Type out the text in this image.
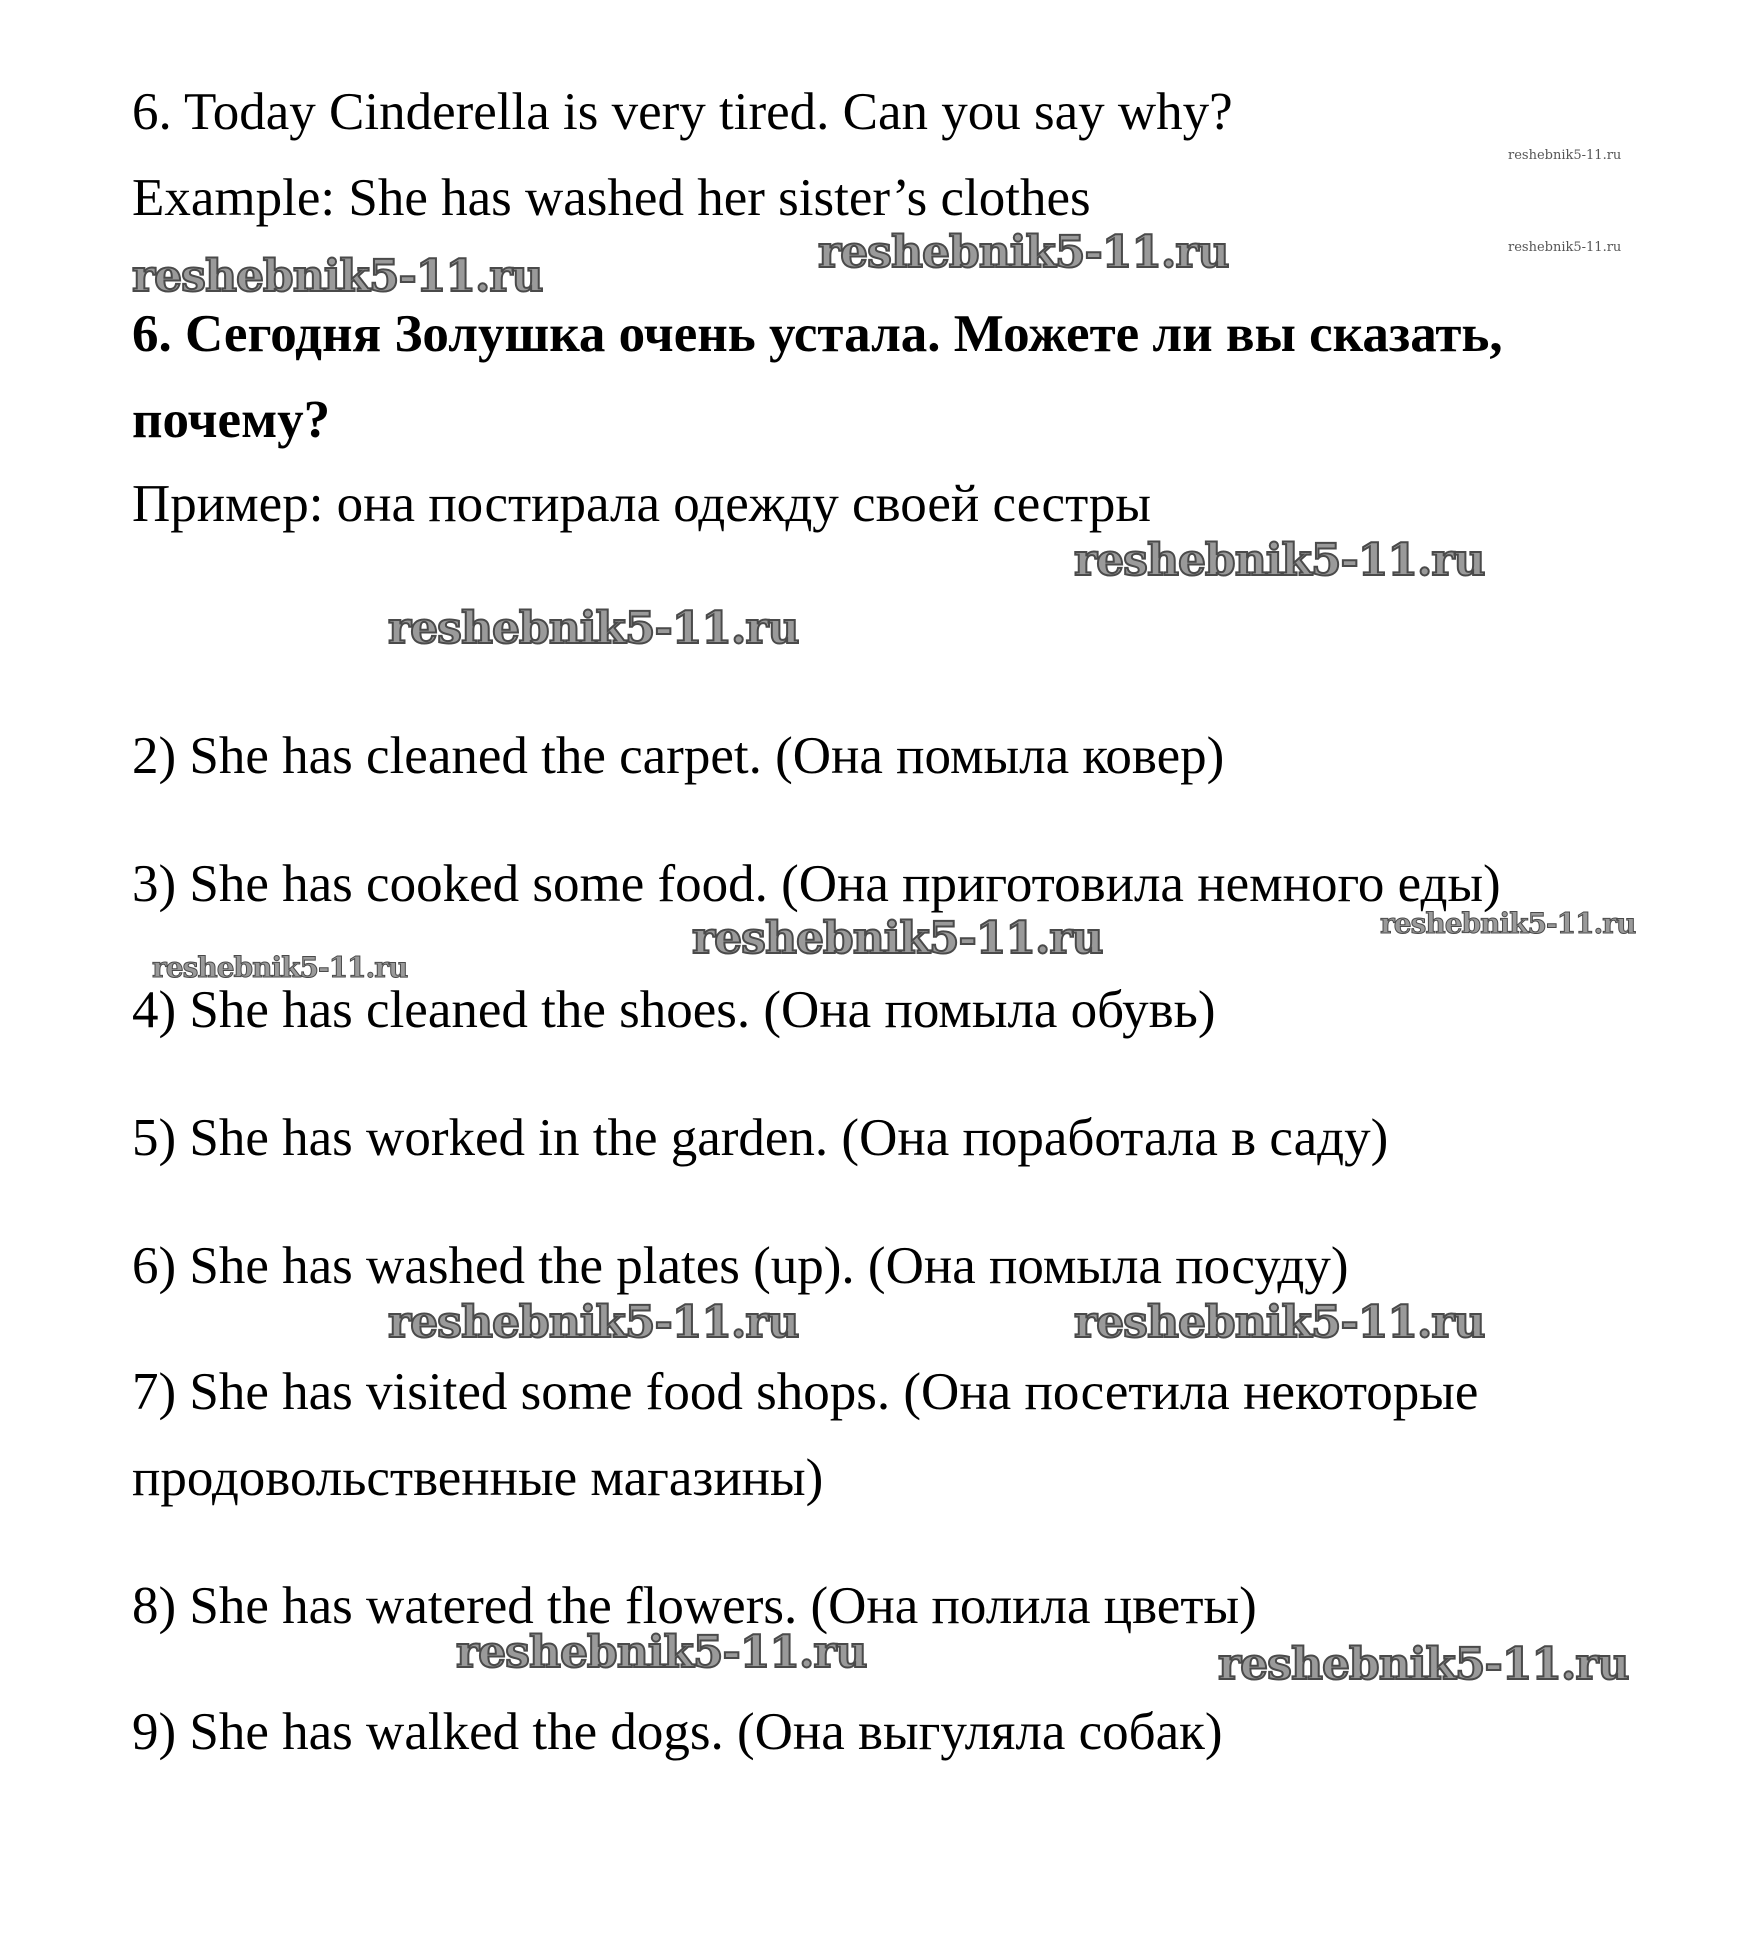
6. Today Cinderella is very tired. Can you say why?
Example: She has washed her sister’s clothes
6. Сегодня Золушка очень устала. Можете ли вы сказать,
почему?
Пример: она постирала одежду своей сестры
2) She has cleaned the carpet. (Она помыла ковер)
3) She has cooked some food. (Она приготовила немного еды)
4) She has cleaned the shoes. (Она помыла обувь)
5) She has worked in the garden. (Она поработала в саду)
6) She has washed the plates (up). (Она помыла посуду)
7) She has visited some food shops. (Она посетила некоторые
продовольственные магазины)
8) She has watered the flowers. (Она полила цветы)
9) She has walked the dogs. (Она выгуляла собак)
reshebnik5-11.ru
reshebnik5-11.ru
reshebnik5-11.ru
reshebnik5-11.ru
reshebnik5-11.ru
reshebnik5-11.ru
reshebnik5-11.ru	reshebnik5-11.ru
reshebnik5-11.ru
reshebnik5-11.ru	reshebnik5-11.ru
reshebnik5-11.ru	reshebnik5-11.ru
